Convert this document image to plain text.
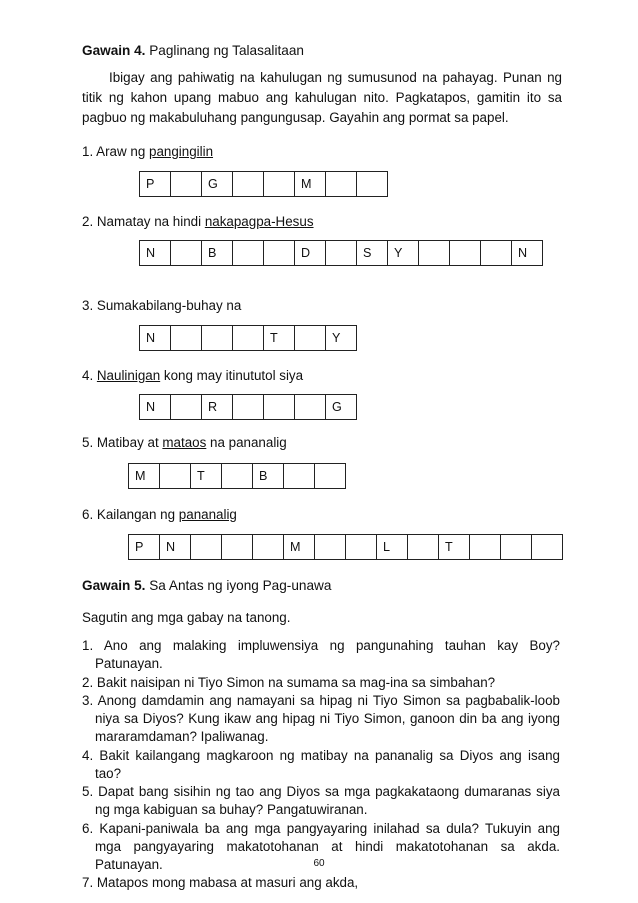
Gawain 4. Paglinang ng Talasalitaan
Ibigay ang pahiwatig na kahulugan ng sumusunod na pahayag. Punan ng titik ng kahon upang mabuo ang kahulugan nito. Pagkatapos, gamitin ito sa pagbuo ng makabuluhang pangungusap. Gayahin ang pormat sa papel.
1. Araw ng pangingilin
P	G	M
2. Namatay na hindi nakapagpa-Hesus
N	B	D	S	Y	N
3. Sumakabilang-buhay na
N	T	Y
4. Naulinigan kong may itinututol siya
N	R	G
5. Matibay at mataos na pananalig
M	T	B
6. Kailangan ng pananalig
P	N	M	L	T
Gawain 5. Sa Antas ng iyong Pag-unawa
Sagutin ang mga gabay na tanong.
1. Ano ang malaking impluwensiya ng pangunahing tauhan kay Boy? Patunayan.
2. Bakit naisipan ni Tiyo Simon na sumama sa mag-ina sa simbahan?
3. Anong damdamin ang namayani sa hipag ni Tiyo Simon sa pagbabalik-loob niya sa Diyos? Kung ikaw ang hipag ni Tiyo Simon, ganoon din ba ang iyong mararamdaman? Ipaliwanag.
4. Bakit kailangang magkaroon ng matibay na pananalig sa Diyos ang isang tao?
5. Dapat bang sisihin ng tao ang Diyos sa mga pagkakataong dumaranas siya ng mga kabiguan sa buhay? Pangatuwiranan.
6. Kapani-paniwala ba ang mga pangyayaring inilahad sa dula? Tukuyin ang mga pangyayaring makatotohanan at hindi makatotohanan sa akda. Patunayan.
7. Matapos mong mabasa at masuri ang akda,
60
